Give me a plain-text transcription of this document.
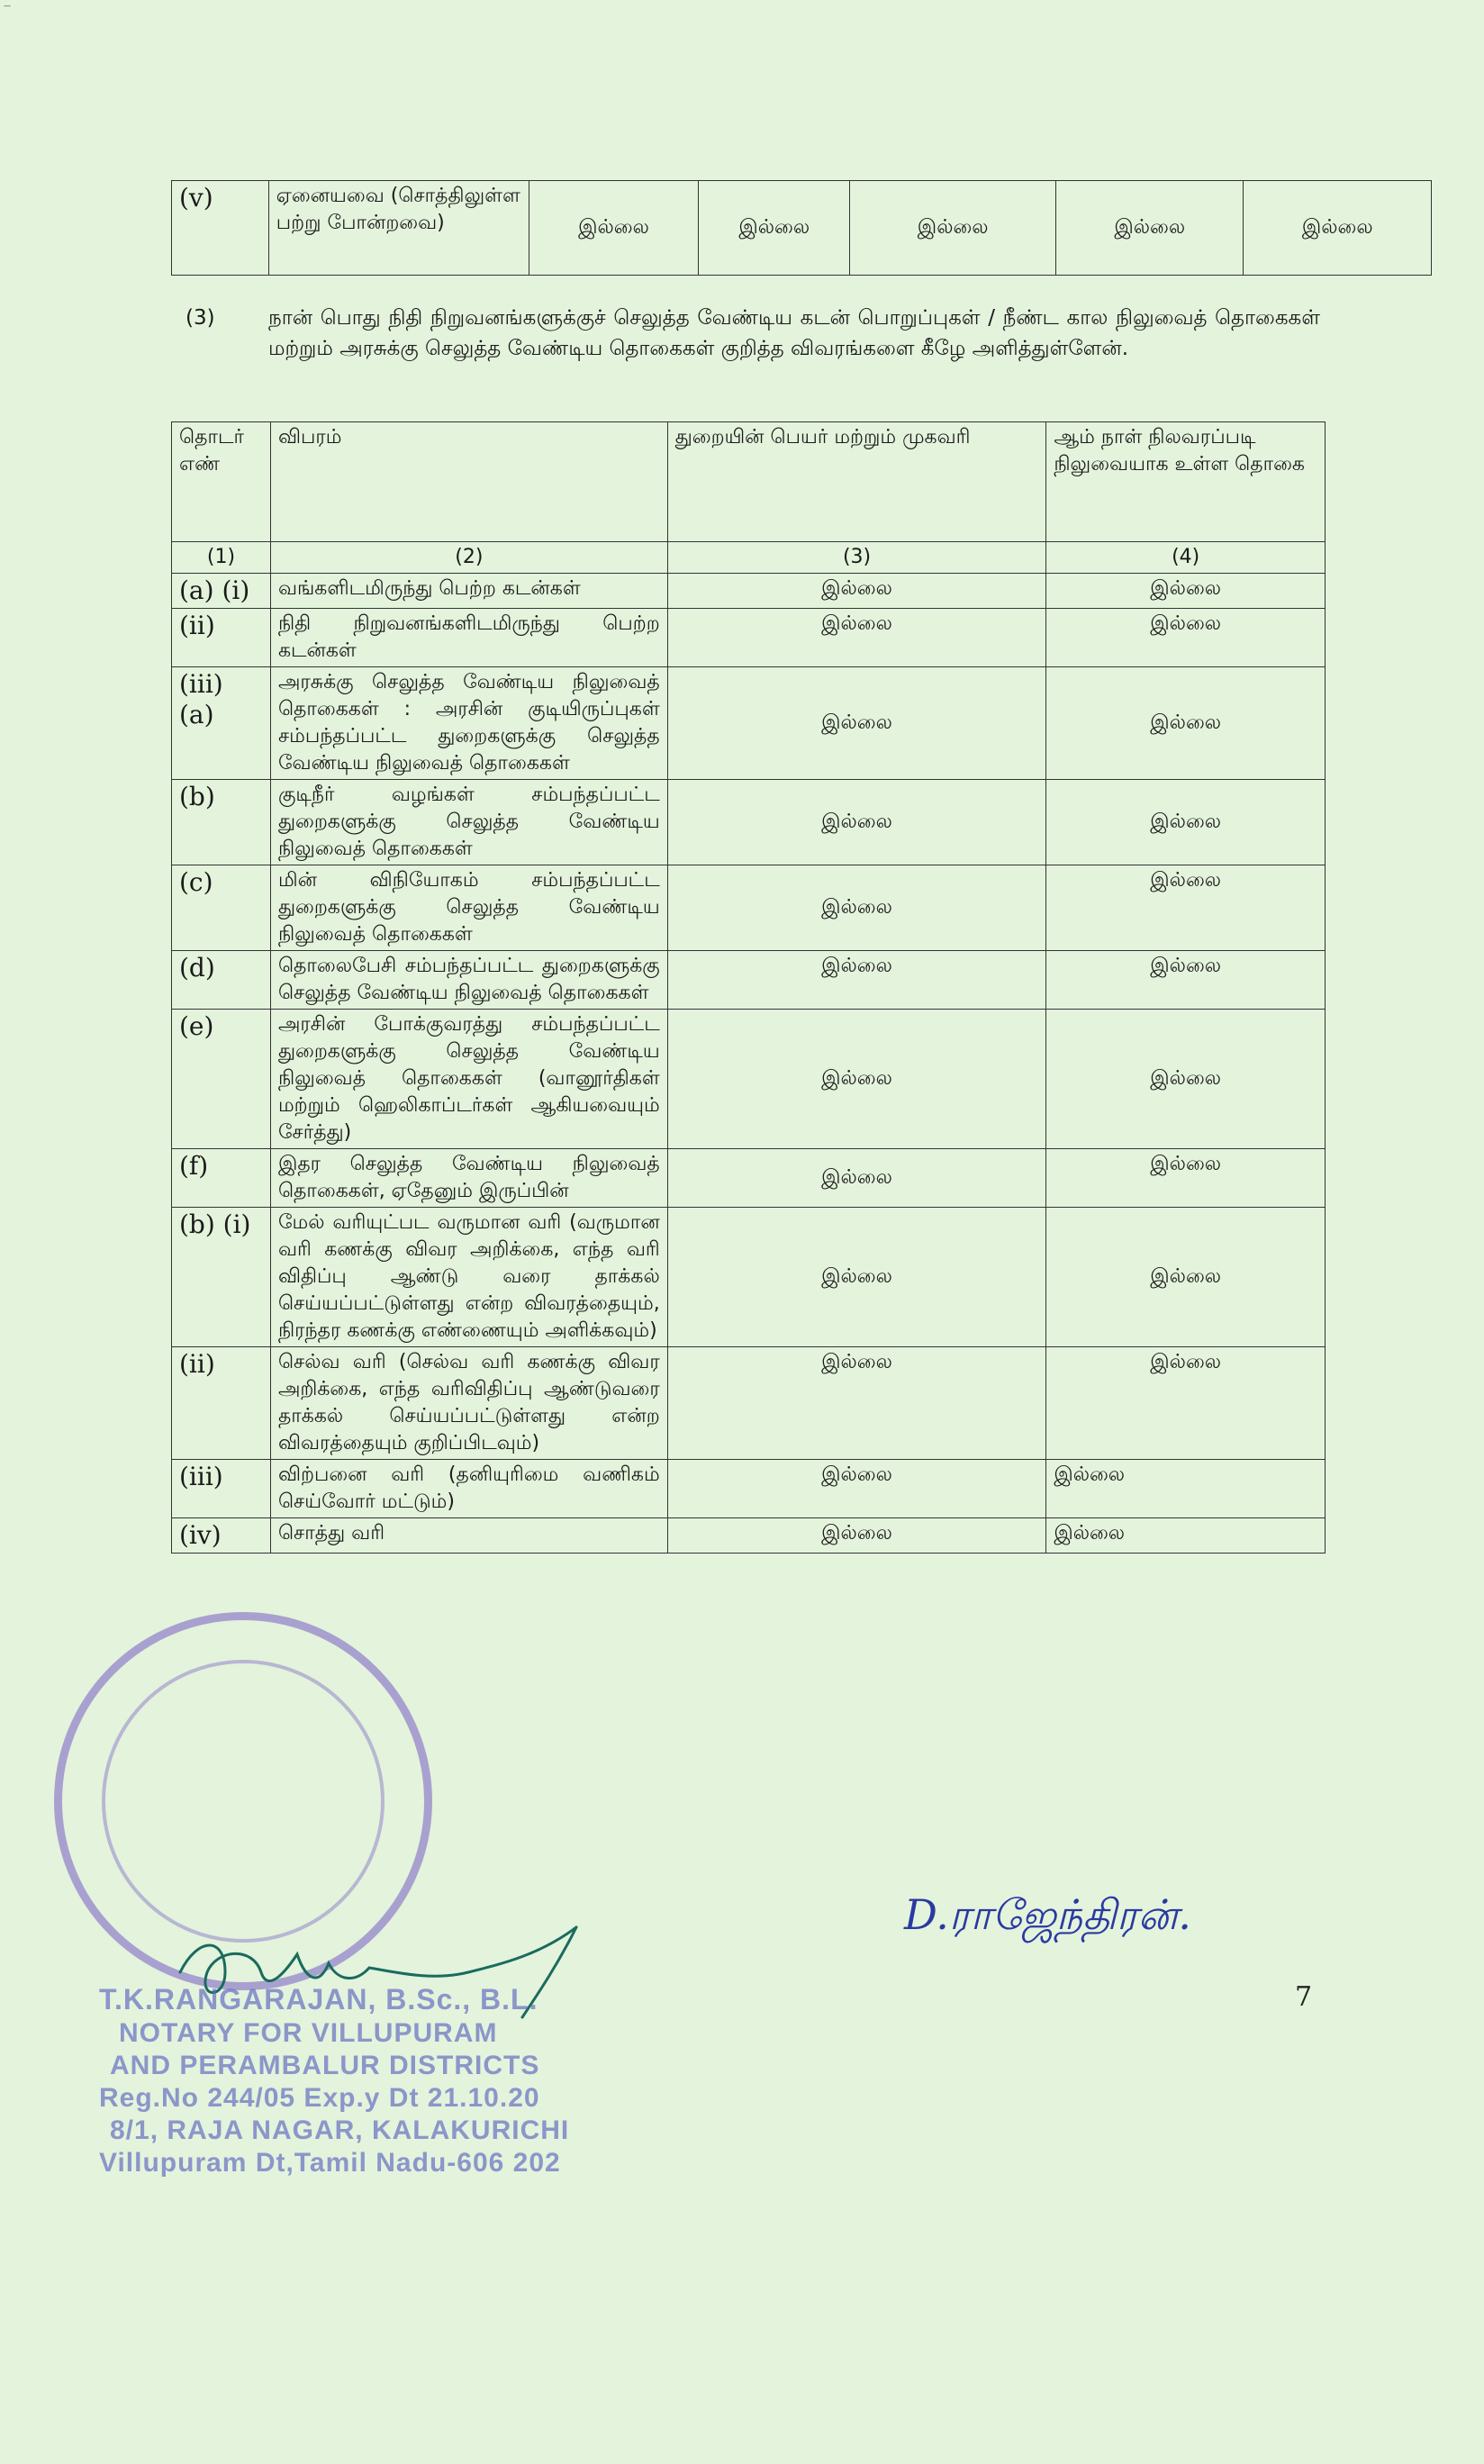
—
(v)	ஏனையவை (சொத்திலுள்ள பற்று போன்றவை)	இல்லை	இல்லை	இல்லை	இல்லை	இல்லை
(3)	நான் பொது நிதி நிறுவனங்களுக்குச் செலுத்த வேண்டிய கடன் பொறுப்புகள் / நீண்ட கால நிலுவைத் தொகைகள் மற்றும் அரசுக்கு செலுத்த வேண்டிய தொகைகள் குறித்த விவரங்களை கீழே அளித்துள்ளேன்.
தொடர் எண்	விபரம்	துறையின் பெயர் மற்றும் முகவரி	ஆம் நாள் நிலவரப்படி நிலுவையாக உள்ள தொகை
(1)	(2)	(3)	(4)
(a) (i)	வங்களிடமிருந்து பெற்ற கடன்கள்	இல்லை	இல்லை
(ii)	நிதி நிறுவனங்களிடமிருந்து பெற்ற கடன்கள்	இல்லை	இல்லை
(iii) (a)	அரசுக்கு செலுத்த வேண்டிய நிலுவைத் தொகைகள் : அரசின் குடியிருப்புகள் சம்பந்தப்பட்ட துறைகளுக்கு செலுத்த வேண்டிய நிலுவைத் தொகைகள்	இல்லை	இல்லை
(b)	குடிநீர் வழங்கள் சம்பந்தப்பட்ட துறைகளுக்கு செலுத்த வேண்டிய நிலுவைத் தொகைகள்	இல்லை	இல்லை
(c)	மின் விநியோகம் சம்பந்தப்பட்ட துறைகளுக்கு செலுத்த வேண்டிய நிலுவைத் தொகைகள்	இல்லை	இல்லை
(d)	தொலைபேசி சம்பந்தப்பட்ட துறைகளுக்கு செலுத்த வேண்டிய நிலுவைத் தொகைகள்	இல்லை	இல்லை
(e)	அரசின் போக்குவரத்து சம்பந்தப்பட்ட துறைகளுக்கு செலுத்த வேண்டிய நிலுவைத் தொகைகள் (வானூர்திகள் மற்றும் ஹெலிகாப்டர்கள் ஆகியவையும் சேர்த்து)	இல்லை	இல்லை
(f)	இதர செலுத்த வேண்டிய நிலுவைத் தொகைகள், ஏதேனும் இருப்பின்	இல்லை	இல்லை
(b) (i)	மேல் வரியுட்பட வருமான வரி (வருமான வரி கணக்கு விவர அறிக்கை, எந்த வரி விதிப்பு ஆண்டு வரை தாக்கல் செய்யப்பட்டுள்ளது என்ற விவரத்தையும், நிரந்தர கணக்கு எண்ணையும் அளிக்கவும்)	இல்லை	இல்லை
(ii)	செல்வ வரி (செல்வ வரி கணக்கு விவர அறிக்கை, எந்த வரிவிதிப்பு ஆண்டுவரை தாக்கல் செய்யப்பட்டுள்ளது என்ற விவரத்தையும் குறிப்பிடவும்)	இல்லை	இல்லை
(iii)	விற்பனை வரி (தனியுரிமை வணிகம் செய்வோர் மட்டும்)	இல்லை	இல்லை
(iv)	சொத்து வரி	இல்லை	இல்லை
D.ராஜேந்திரன்.
T.K.RANGARAJAN, B.Sc., B.L.
NOTARY FOR VILLUPURAM
AND PERAMBALUR DISTRICTS
Reg.No 244/05 Exp.y Dt 21.10.20
8/1, RAJA NAGAR, KALAKURICHI
Villupuram Dt,Tamil Nadu-606 202
7
